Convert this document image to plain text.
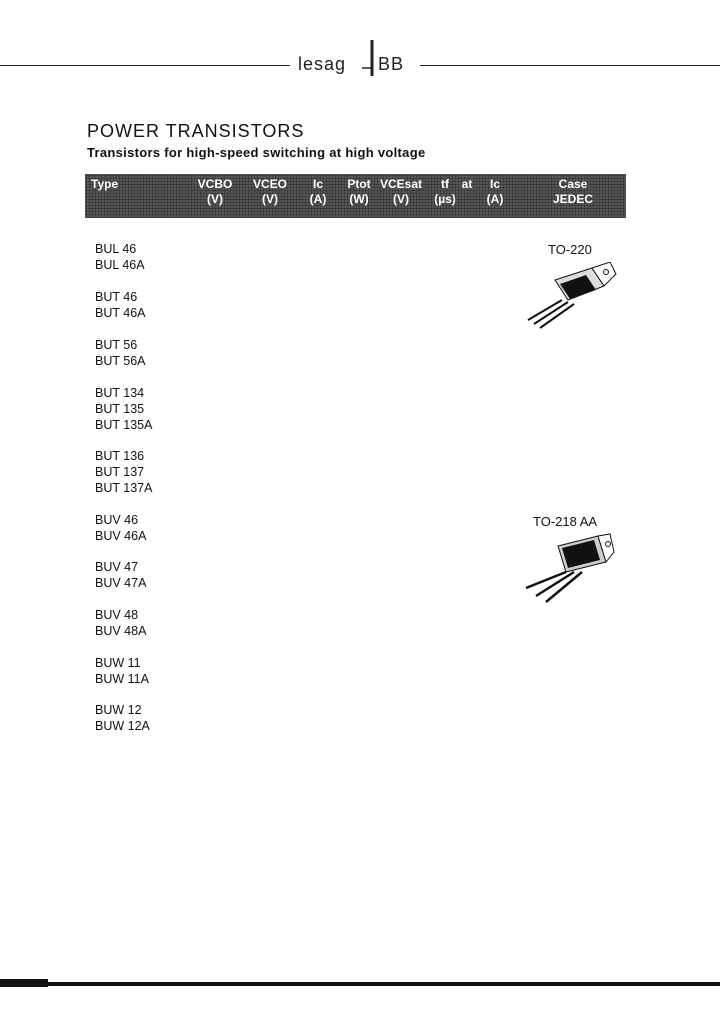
lesag BB
POWER TRANSISTORS
Transistors for high-speed switching at high voltage
Type	VCBO
(V)
VCEO
(V)
Ic
(A)
Ptot
(W)
VCEsat
(V)
tf
(µs)
at	Ic
(A)
Case
JEDEC
BUL 46
BUL 46A
BUT 46
BUT 46A
BUT 56
BUT 56A
BUT 134
BUT 135
BUT 135A
BUT 136
BUT 137
BUT 137A
BUV 46
BUV 46A
BUV 47
BUV 47A
BUV 48
BUV 48A
BUW 11
BUW 11A
BUW 12
BUW 12A
TO-220
TO-218 AA
